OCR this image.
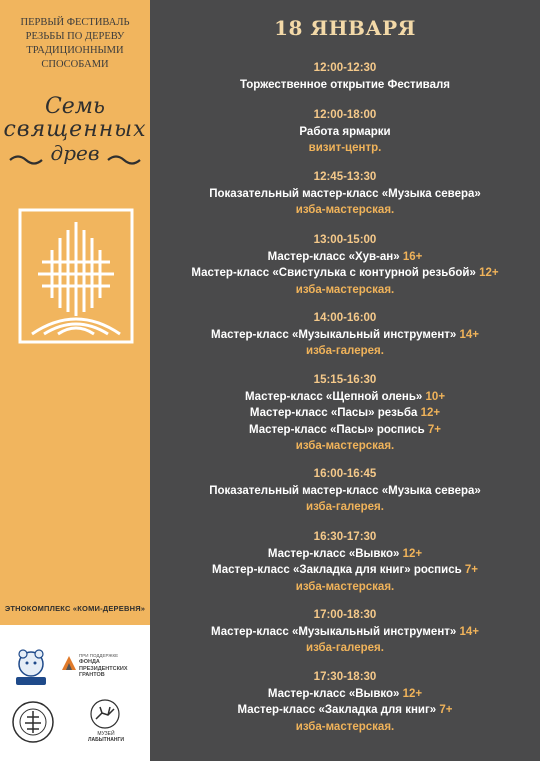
ПЕРВЫЙ ФЕСТИВАЛЬ
РЕЗЬБЫ ПО ДЕРЕВУ
ТРАДИЦИОННЫМИ
СПОСОБАМИ
Семь
священных
древ
ЭТНОКОМПЛЕКС «КОМИ-ДЕРЕВНЯ»
ПРИ ПОДДЕРЖКЕ
ФОНДА
ПРЕЗИДЕНТСКИХ
ГРАНТОВ
МУЗЕЙ
ЛАБЫТНАНГИ
18 ЯНВАРЯ
12:00-12:30
Торжественное открытие Фестиваля
12:00-18:00
Работа ярмарки
визит-центр.
12:45-13:30
Показательный мастер-класс «Музыка севера»
изба-мастерская.
13:00-15:00
Мастер-класс «Хув-ан» 16+
Мастер-класс «Свистулька с контурной резьбой» 12+
изба-мастерская.
14:00-16:00
Мастер-класс «Музыкальный инструмент» 14+
изба-галерея.
15:15-16:30
Мастер-класс «Щепной олень» 10+
Мастер-класс «Пасы» резьба 12+
Мастер-класс «Пасы» роспись 7+
изба-мастерская.
16:00-16:45
Показательный мастер-класс «Музыка севера»
изба-галерея.
16:30-17:30
Мастер-класс «Вывко» 12+
Мастер-класс «Закладка для книг» роспись 7+
изба-мастерская.
17:00-18:30
Мастер-класс «Музыкальный инструмент» 14+
изба-галерея.
17:30-18:30
Мастер-класс «Вывко» 12+
Мастер-класс «Закладка для книг» 7+
изба-мастерская.
